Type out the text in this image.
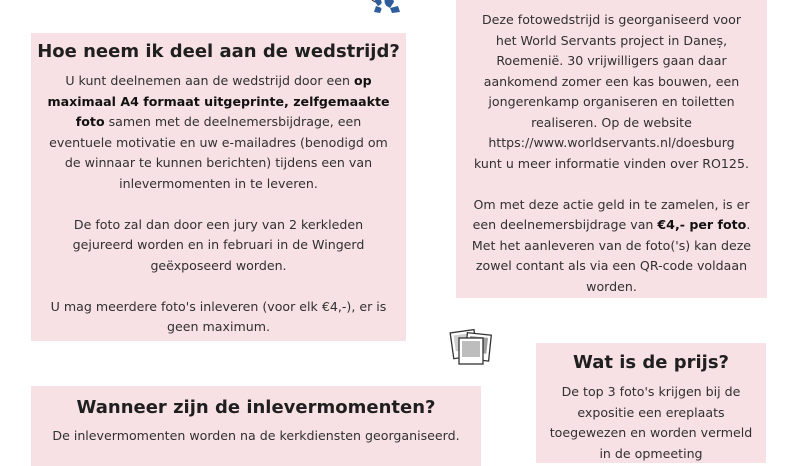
Hoe neem ik deel aan de wedstrijd?

U kunt deelnemen aan de wedstrijd door een op
maximaal A4 formaat uitgeprinte, zelfgemaakte
foto samen met de deelnemersbijdrage, een
eventuele motivatie en uw e-mailadres (benodigd om
de winnaar te kunnen berichten) tijdens een van
inlevermomenten in te leveren.

De foto zal dan door een jury van 2 kerkleden
gejureerd worden en in februari in de Wingerd
geëxposeerd worden.

U mag meerdere foto's inleveren (voor elk €4,-), er is
geen maximum.

Deze fotowedstrijd is georganiseerd voor
het World Servants project in Daneș,
Roemenië. 30 vrijwilligers gaan daar
aankomend zomer een kas bouwen, een
jongerenkamp organiseren en toiletten
realiseren. Op de website
https://www.worldservants.nl/doesburg
kunt u meer informatie vinden over RO125.

Om met deze actie geld in te zamelen, is er
een deelnemersbijdrage van €4,- per foto.
Met het aanleveren van de foto('s) kan deze
zowel contant als via een QR-code voldaan
worden.

Wat is de prijs?

De top 3 foto's krijgen bij de
expositie een ereplaats
toegewezen en worden vermeld
in de opmeeting

Wanneer zijn de inlevermomenten?

De inlevermomenten worden na de kerkdiensten georganiseerd.
